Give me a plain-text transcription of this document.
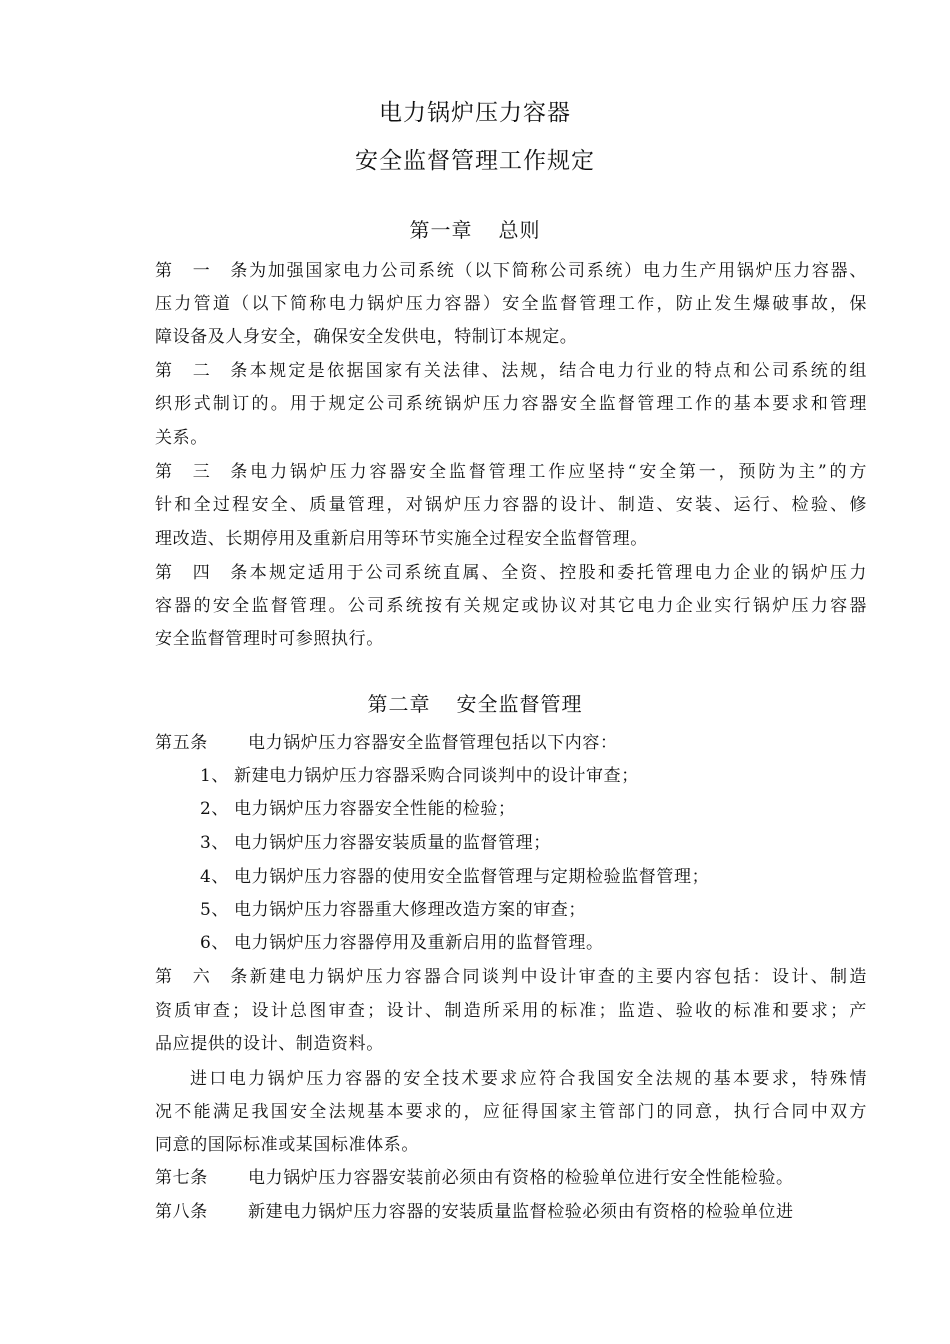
电力锅炉压力容器
安全监督管理工作规定
第一章 总则
第一条为加强国家电力公司系统（以下简称公司系统）电力生产用锅炉压力容器、
压力管道（以下简称电力锅炉压力容器）安全监督管理工作，防止发生爆破事故，保
障设备及人身安全，确保安全发供电，特制订本规定。
第二条本规定是依据国家有关法律、法规，结合电力行业的特点和公司系统的组
织形式制订的。用于规定公司系统锅炉压力容器安全监督管理工作的基本要求和管理
关系。
第三条电力锅炉压力容器安全监督管理工作应坚持“安全第一，预防为主”的方
针和全过程安全、质量管理，对锅炉压力容器的设计、制造、安装、运行、检验、修
理改造、长期停用及重新启用等环节实施全过程安全监督管理。
第四条本规定适用于公司系统直属、全资、控股和委托管理电力企业的锅炉压力
容器的安全监督管理。公司系统按有关规定或协议对其它电力企业实行锅炉压力容器
安全监督管理时可参照执行。
第二章 安全监督管理
第五条 电力锅炉压力容器安全监督管理包括以下内容：
1、 新建电力锅炉压力容器采购合同谈判中的设计审查；
2、 电力锅炉压力容器安全性能的检验；
3、 电力锅炉压力容器安装质量的监督管理；
4、 电力锅炉压力容器的使用安全监督管理与定期检验监督管理；
5、 电力锅炉压力容器重大修理改造方案的审查；
6、 电力锅炉压力容器停用及重新启用的监督管理。
第六条新建电力锅炉压力容器合同谈判中设计审查的主要内容包括：设计、制造
资质审查；设计总图审查；设计、制造所采用的标准；监造、验收的标准和要求；产
品应提供的设计、制造资料。
进口电力锅炉压力容器的安全技术要求应符合我国安全法规的基本要求，特殊情
况不能满足我国安全法规基本要求的，应征得国家主管部门的同意，执行合同中双方
同意的国际标准或某国标准体系。
第七条 电力锅炉压力容器安装前必须由有资格的检验单位进行安全性能检验。
第八条 新建电力锅炉压力容器的安装质量监督检验必须由有资格的检验单位进
